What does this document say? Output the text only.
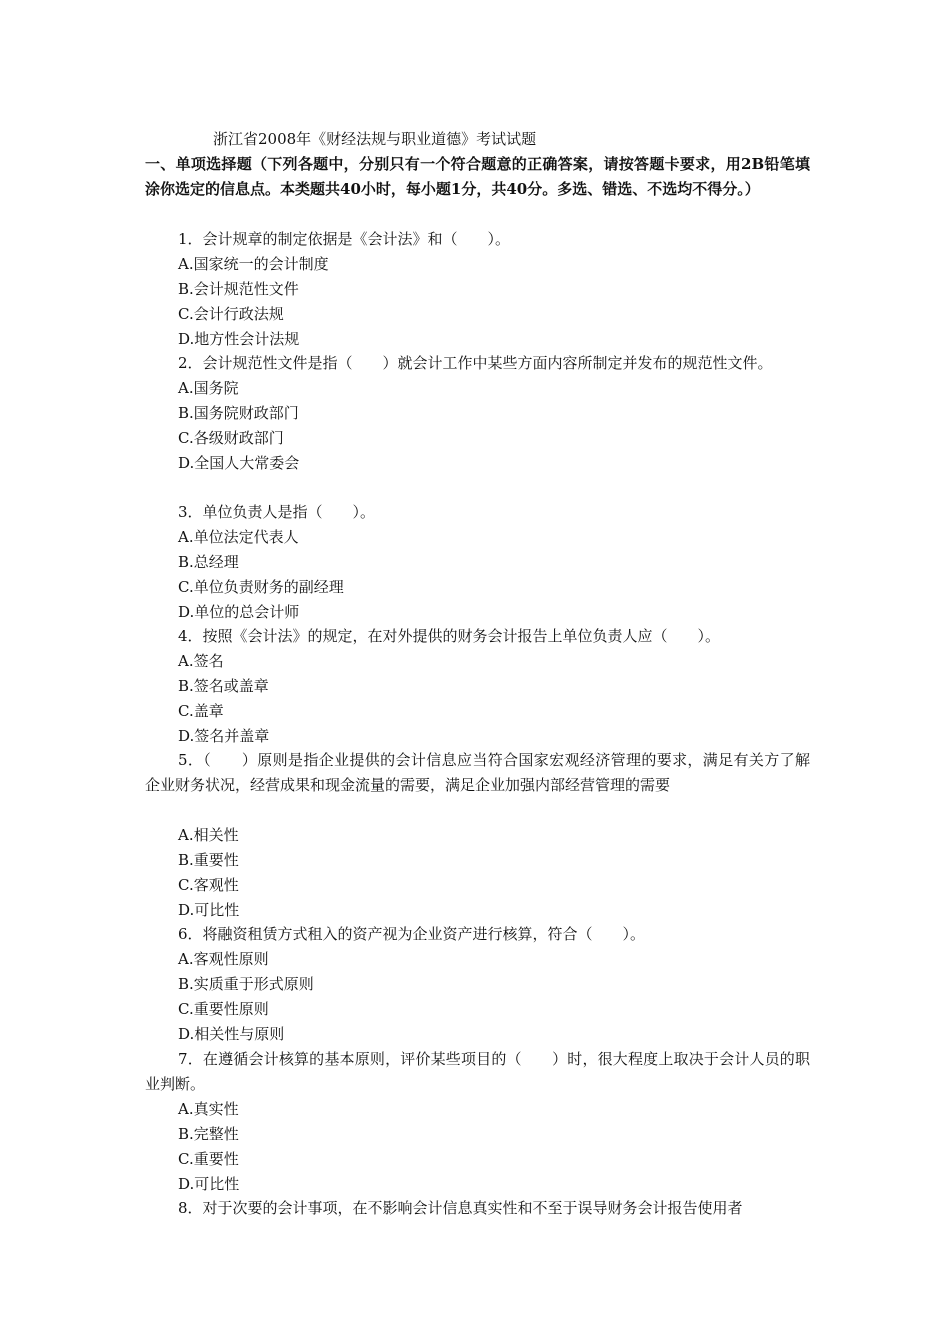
浙江省2008年《财经法规与职业道德》考试试题
一、单项选择题（下列各题中，分别只有一个符合题意的正确答案，请按答题卡要求，用2B铅笔填涂你选定的信息点。本类题共40小时，每小题1分，共40分。多选、错选、不选均不得分。）
1．会计规章的制定依据是《会计法》和（　　）。
A.国家统一的会计制度
B.会计规范性文件
C.会计行政法规
D.地方性会计法规
2．会计规范性文件是指（　　）就会计工作中某些方面内容所制定并发布的规范性文件。
A.国务院
B.国务院财政部门
C.各级财政部门
D.全国人大常委会
3．单位负责人是指（　　）。
A.单位法定代表人
B.总经理
C.单位负责财务的副经理
D.单位的总会计师
4．按照《会计法》的规定，在对外提供的财务会计报告上单位负责人应（　　）。
A.签名
B.签名或盖章
C.盖章
D.签名并盖章
5．（　　）原则是指企业提供的会计信息应当符合国家宏观经济管理的要求，满足有关方了解企业财务状况，经营成果和现金流量的需要，满足企业加强内部经营管理的需要
A.相关性
B.重要性
C.客观性
D.可比性
6．将融资租赁方式租入的资产视为企业资产进行核算，符合（　　）。
A.客观性原则
B.实质重于形式原则
C.重要性原则
D.相关性与原则
7．在遵循会计核算的基本原则，评价某些项目的（　　）时，很大程度上取决于会计人员的职业判断。
A.真实性
B.完整性
C.重要性
D.可比性
8．对于次要的会计事项，在不影响会计信息真实性和不至于误导财务会计报告使用者
